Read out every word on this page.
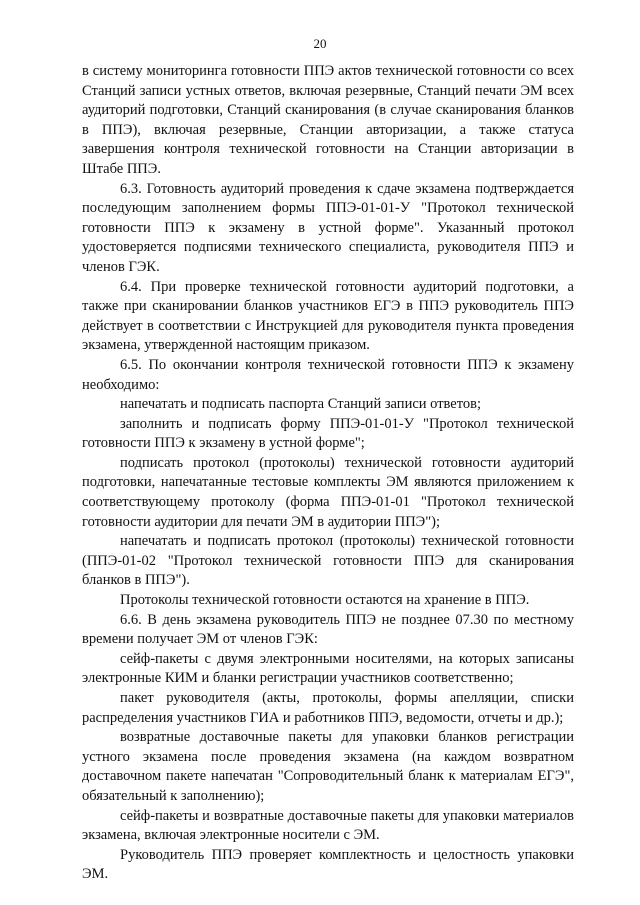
20

в систему мониторинга готовности ППЭ актов технической готовности со всех Станций записи устных ответов, включая резервные, Станций печати ЭМ всех аудиторий подготовки, Станций сканирования (в случае сканирования бланков в ППЭ), включая резервные, Станции авторизации, а также статуса завершения контроля технической готовности на Станции авторизации в Штабе ППЭ.

6.3. Готовность аудиторий проведения к сдаче экзамена подтверждается последующим заполнением формы ППЭ-01-01-У "Протокол технической готовности ППЭ к экзамену в устной форме". Указанный протокол удостоверяется подписями технического специалиста, руководителя ППЭ и членов ГЭК.

6.4. При проверке технической готовности аудиторий подготовки, а также при сканировании бланков участников ЕГЭ в ППЭ руководитель ППЭ действует в соответствии с Инструкцией для руководителя пункта проведения экзамена, утвержденной настоящим приказом.

6.5. По окончании контроля технической готовности ППЭ к экзамену необходимо:

напечатать и подписать паспорта Станций записи ответов;

заполнить и подписать форму ППЭ-01-01-У "Протокол технической готовности ППЭ к экзамену в устной форме";

подписать протокол (протоколы) технической готовности аудиторий подготовки, напечатанные тестовые комплекты ЭМ являются приложением к соответствующему протоколу (форма ППЭ-01-01 "Протокол технической готовности аудитории для печати ЭМ в аудитории ППЭ");

напечатать и подписать протокол (протоколы) технической готовности (ППЭ-01-02 "Протокол технической готовности ППЭ для сканирования бланков в ППЭ").

Протоколы технической готовности остаются на хранение в ППЭ.

6.6. В день экзамена руководитель ППЭ не позднее 07.30 по местному времени получает ЭМ от членов ГЭК:

сейф-пакеты с двумя электронными носителями, на которых записаны электронные КИМ и бланки регистрации участников соответственно;

пакет руководителя (акты, протоколы, формы апелляции, списки распределения участников ГИА и работников ППЭ, ведомости, отчеты и др.);

возвратные доставочные пакеты для упаковки бланков регистрации устного экзамена после проведения экзамена (на каждом возвратном доставочном пакете напечатан "Сопроводительный бланк к материалам ЕГЭ", обязательный к заполнению);

сейф-пакеты и возвратные доставочные пакеты для упаковки материалов экзамена, включая электронные носители с ЭМ.

Руководитель ППЭ проверяет комплектность и целостность упаковки ЭМ.
